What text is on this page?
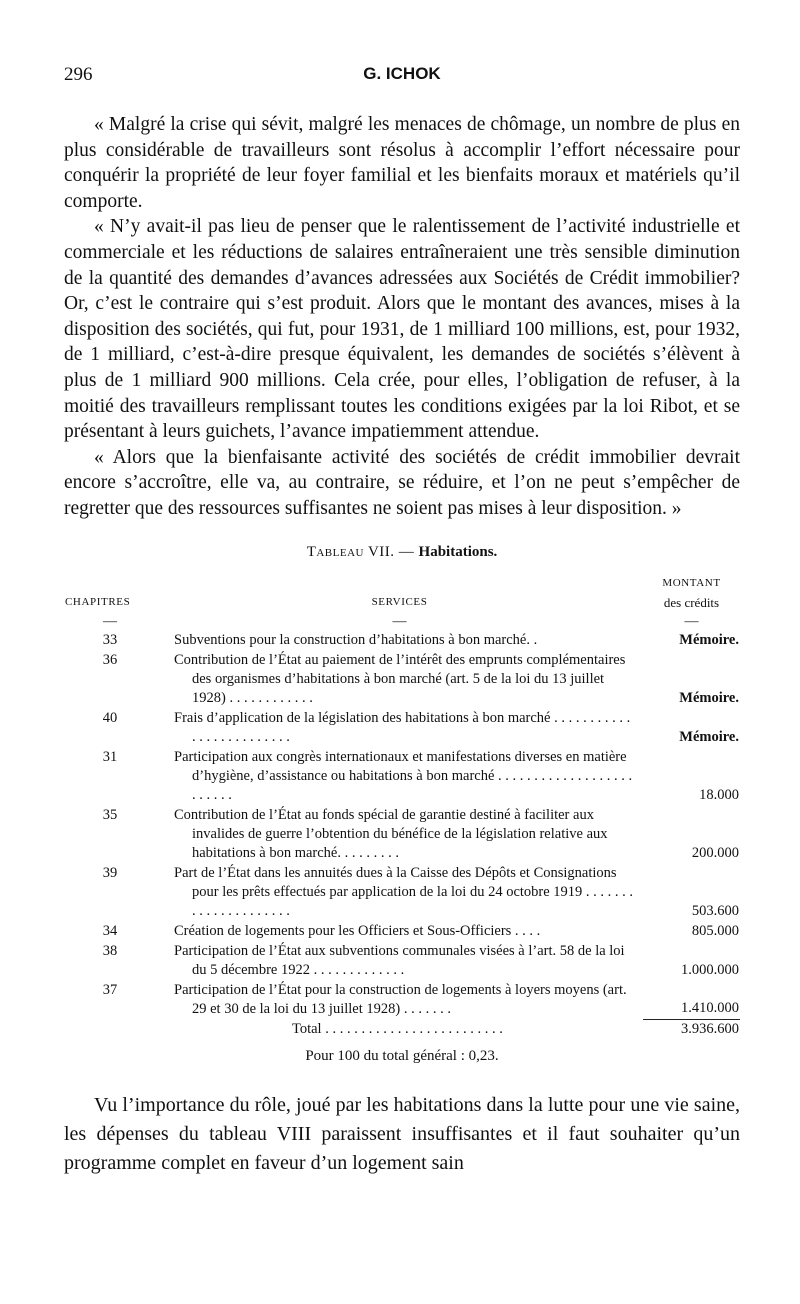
296	G. ICHOK

« Malgré la crise qui sévit, malgré les menaces de chômage, un nombre de plus en plus considérable de travailleurs sont résolus à accomplir l’effort nécessaire pour conquérir la propriété de leur foyer familial et les bienfaits moraux et matériels qu’il comporte.

« N’y avait-il pas lieu de penser que le ralentissement de l’activité industrielle et commerciale et les réductions de salaires entraîneraient une très sensible diminution de la quantité des demandes d’avances adressées aux Sociétés de Crédit immobilier? Or, c’est le contraire qui s’est produit. Alors que le montant des avances, mises à la disposition des sociétés, qui fut, pour 1931, de 1 milliard 100 millions, est, pour 1932, de 1 milliard, c’est-à-dire presque équivalent, les demandes de sociétés s’élèvent à plus de 1 milliard 900 millions. Cela crée, pour elles, l’obligation de refuser, à la moitié des travailleurs remplissant toutes les conditions exigées par la loi Ribot, et se présentant à leurs guichets, l’avance impatiemment attendue.

« Alors que la bienfaisante activité des sociétés de crédit immobilier devrait encore s’accroître, elle va, au contraire, se réduire, et l’on ne peut s’empêcher de regretter que des ressources suffisantes ne soient pas mises à leur disposition. »

Tableau VII. — Habitations.
CHAPITRES	SERVICES	MONTANT
des crédits

—	—	—
33	Subventions pour la construction d’habitations à bon marché. .	Mémoire.
36	Contribution de l’État au paiement de l’intérêt des emprunts complémentaires des organismes d’habitations à bon marché (art. 5 de la loi du 13 juillet 1928) . . . . . . . . . . . .	Mémoire.
40	Frais d’application de la législation des habitations à bon marché . . . . . . . . . . . . . . . . . . . . . . . . .	Mémoire.
31	Participation aux congrès internationaux et manifestations diverses en matière d’hygiène, d’assistance ou habitations à bon marché . . . . . . . . . . . . . . . . . . . . . . . . .	18.000
35	Contribution de l’État au fonds spécial de garantie destiné à faciliter aux invalides de guerre l’obtention du bénéfice de la législation relative aux habitations à bon marché. . . . . . . . .	200.000
39	Part de l’État dans les annuités dues à la Caisse des Dépôts et Consignations pour les prêts effectués par application de la loi du 24 octobre 1919 . . . . . . . . . . . . . . . . . . . . .	503.600
34	Création de logements pour les Officiers et Sous-Officiers . . . .	805.000
38	Participation de l’État aux subventions communales visées à l’art. 58 de la loi du 5 décembre 1922 . . . . . . . . . . . . .	1.000.000
37	Participation de l’État pour la construction de logements à loyers moyens (art. 29 et 30 de la loi du 13 juillet 1928) . . . . . . .	1.410.000

	Total . . . . . . . . . . . . . . . . . . . . . . . . .	3.936.600
Pour 100 du total général : 0,23.

Vu l’importance du rôle, joué par les habitations dans la lutte pour une vie saine, les dépenses du tableau VIII paraissent insuffisantes et il faut souhaiter qu’un programme complet en faveur d’un logement sain
